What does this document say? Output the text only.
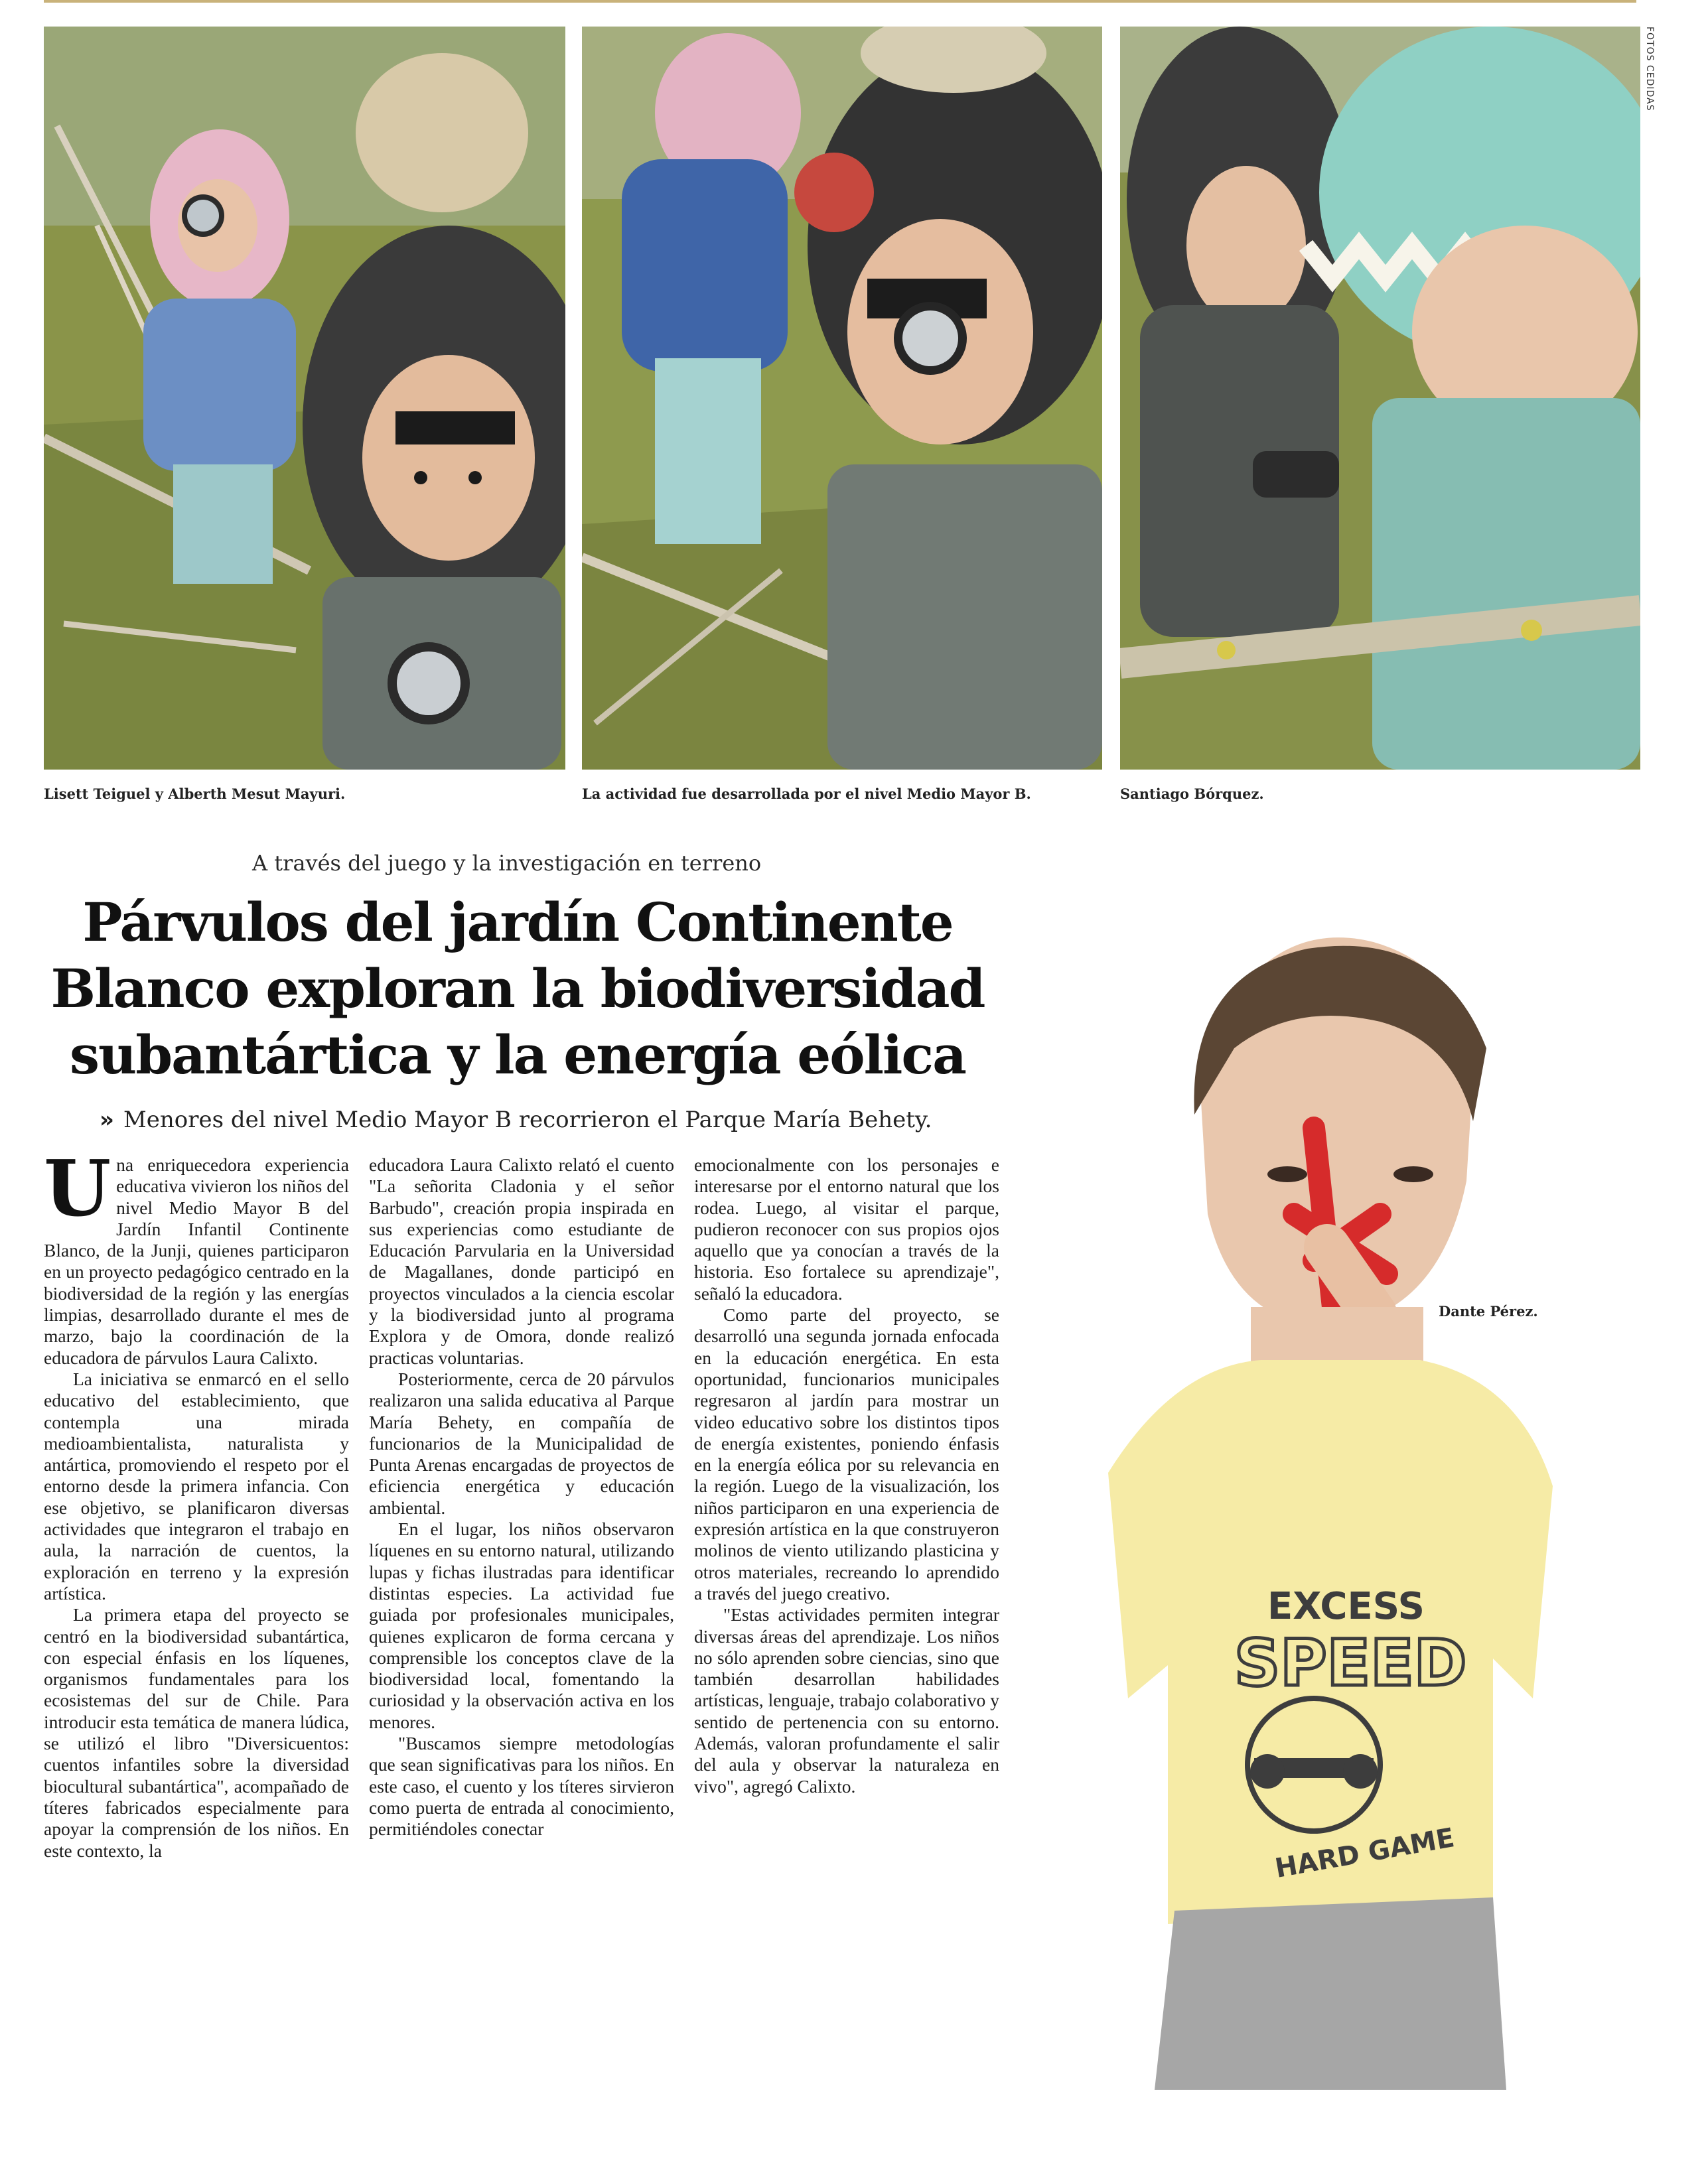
FOTOS CEDIDAS
Lisett Teiguel y Alberth Mesut Mayuri.	La actividad fue desarrollada por el nivel Medio Mayor B.	Santiago Bórquez.
A través del juego y la investigación en terreno
Párvulos del jardín Continente Blanco exploran la biodiversidad subantártica y la energía eólica
» Menores del nivel Medio Mayor B recorrieron el Parque María Behety.

Una enriquecedora experiencia educativa vivieron los niños del nivel Medio Mayor B del Jardín Infantil Continente Blanco, de la Junji, quienes participaron en un proyecto pedagógico centrado en la biodiversidad de la región y las energías limpias, desarrollado durante el mes de marzo, bajo la coordinación de la educadora de párvulos Laura Calixto.

La iniciativa se enmarcó en el sello educativo del establecimiento, que contempla una mirada medioambientalista, naturalista y antártica, promoviendo el respeto por el entorno desde la primera infancia. Con ese objetivo, se planificaron diversas actividades que integraron el trabajo en aula, la narración de cuentos, la exploración en terreno y la expresión artística.

La primera etapa del proyecto se centró en la biodiversidad subantártica, con especial énfasis en los líquenes, organismos fundamentales para los ecosistemas del sur de Chile. Para introducir esta temática de manera lúdica, se utilizó el libro "Diversicuentos: cuentos infantiles sobre la diversidad biocultural subantártica", acompañado de títeres fabricados especialmente para apoyar la comprensión de los niños. En este contexto, la

educadora Laura Calixto relató el cuento "La señorita Cladonia y el señor Barbudo", creación propia inspirada en sus experiencias como estudiante de Educación Parvularia en la Universidad de Magallanes, donde participó en proyectos vinculados a la ciencia escolar y la biodiversidad junto al programa Explora y de Omora, donde realizó practicas voluntarias.

Posteriormente, cerca de 20 párvulos realizaron una salida educativa al Parque María Behety, en compañía de funcionarios de la Municipalidad de Punta Arenas encargadas de proyectos de eficiencia energética y educación ambiental.

En el lugar, los niños observaron líquenes en su entorno natural, utilizando lupas y fichas ilustradas para identificar distintas especies. La actividad fue guiada por profesionales municipales, quienes explicaron de forma cercana y comprensible los conceptos clave de la biodiversidad local, fomentando la curiosidad y la observación activa en los menores.

"Buscamos siempre metodologías que sean significativas para los niños. En este caso, el cuento y los títeres sirvieron como puerta de entrada al conocimiento, permitiéndoles conectar

emocionalmente con los personajes e interesarse por el entorno natural que los rodea. Luego, al visitar el parque, pudieron reconocer con sus propios ojos aquello que ya conocían a través de la historia. Eso fortalece su aprendizaje", señaló la educadora.

Como parte del proyecto, se desarrolló una segunda jornada enfocada en la educación energética. En esta oportunidad, funcionarios municipales regresaron al jardín para mostrar un video educativo sobre los distintos tipos de energía existentes, poniendo énfasis en la energía eólica por su relevancia en la región. Luego de la visualización, los niños participaron en una experiencia de expresión artística en la que construyeron molinos de viento utilizando plasticina y otros materiales, recreando lo aprendido a través del juego creativo.

"Estas actividades permiten integrar diversas áreas del aprendizaje. Los niños no sólo aprenden sobre ciencias, sino que también desarrollan habilidades artísticas, lenguaje, trabajo colaborativo y sentido de pertenencia con su entorno. Además, valoran profundamente el salir del aula y observar la naturaleza en vivo", agregó Calixto.

EXCESS
SPEED
HARD GAME
Dante Pérez.
